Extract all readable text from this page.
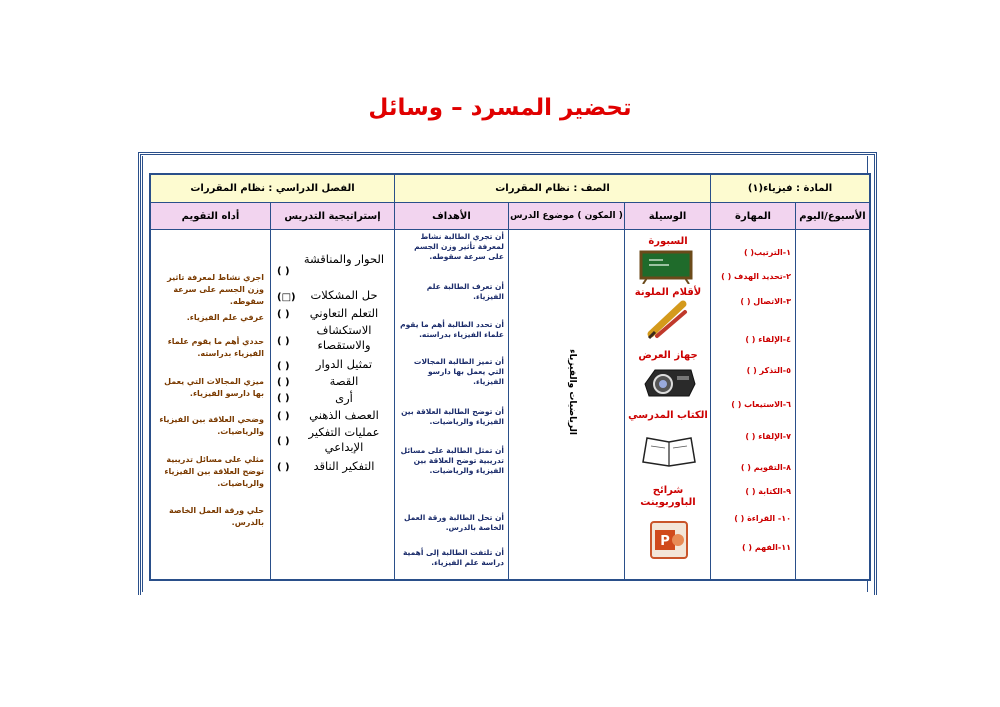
تحضير المسرد – وسائل
المادة : فيزياء(١)
الصف : نظام المقررات
الفصل الدراسي : نظام المقررات
الأسبوع/اليوم
المهارة
الوسيلة
( المكون ) موضوع الدرس
الأهداف
إستراتيجية التدريس
أداه التقويم
١-الترتيب( )
٢-تحديد الهدف ( )
٣-الاتصال ( )
٤-الإلقاء ( )
٥-التذكر ( )
٦-الاستيعاب ( )
٧-الإلقاء ( )
٨-التقويم ( )
٩-الكتابة ( )
١٠- القراءة ( )
١١-الفهم ( )
السبورة
لأقلام الملونة
جهاز العرض
الكتاب المدرسي
شرائح الباوربوينت
P
الرياضيات والفيزياء
أن تجري الطالبة نشاط لمعرفة تأثير وزن الجسم على سرعة سقوطه.
أن تعرف الطالبة علم الفيزياء.
أن تحدد الطالبة أهم ما يقوم علماء الفيزياء بدراسته.
أن تميز الطالبة المجالات التي يعمل بها دارسو الفيزياء.
أن توضح الطالبة العلاقة بين الفيزياء والرياضيات.
أن تمثل الطالبة على مسائل تدريبية توضح العلاقة بين الفيزياء والرياضيات.
أن تحل الطالبة ورقة العمل الخاصة بالدرس.
أن تلتفت الطالبة إلى أهمية دراسة علم الفيزياء.
الحوار والمناقشة
حل المشكلات
التعلم التعاوني
الاستكشاف والاستقصاء
تمثيل الدوار
القصة
أرى
العصف الذهني
عمليات التفكير الإبداعي
التفكير الناقد
( )
(□)
( )
( )
( )
( )
( )
( )
( )
( )
اجري نشاط لمعرفة تاثير وزن الجسم على سرعة سقوطه.
عرفي علم الفيزياء.
حددي أهم ما يقوم علماء الفيزياء بدراسته.
ميزي المجالات التي يعمل بها دارسو الفيزياء.
وضحي العلاقة بين الفيزياء والرياضيات.
مثلي على مسائل تدريبية توضح العلاقة بين الفيزياء والرياضيات.
حلي ورقة العمل الخاصة بالدرس.
